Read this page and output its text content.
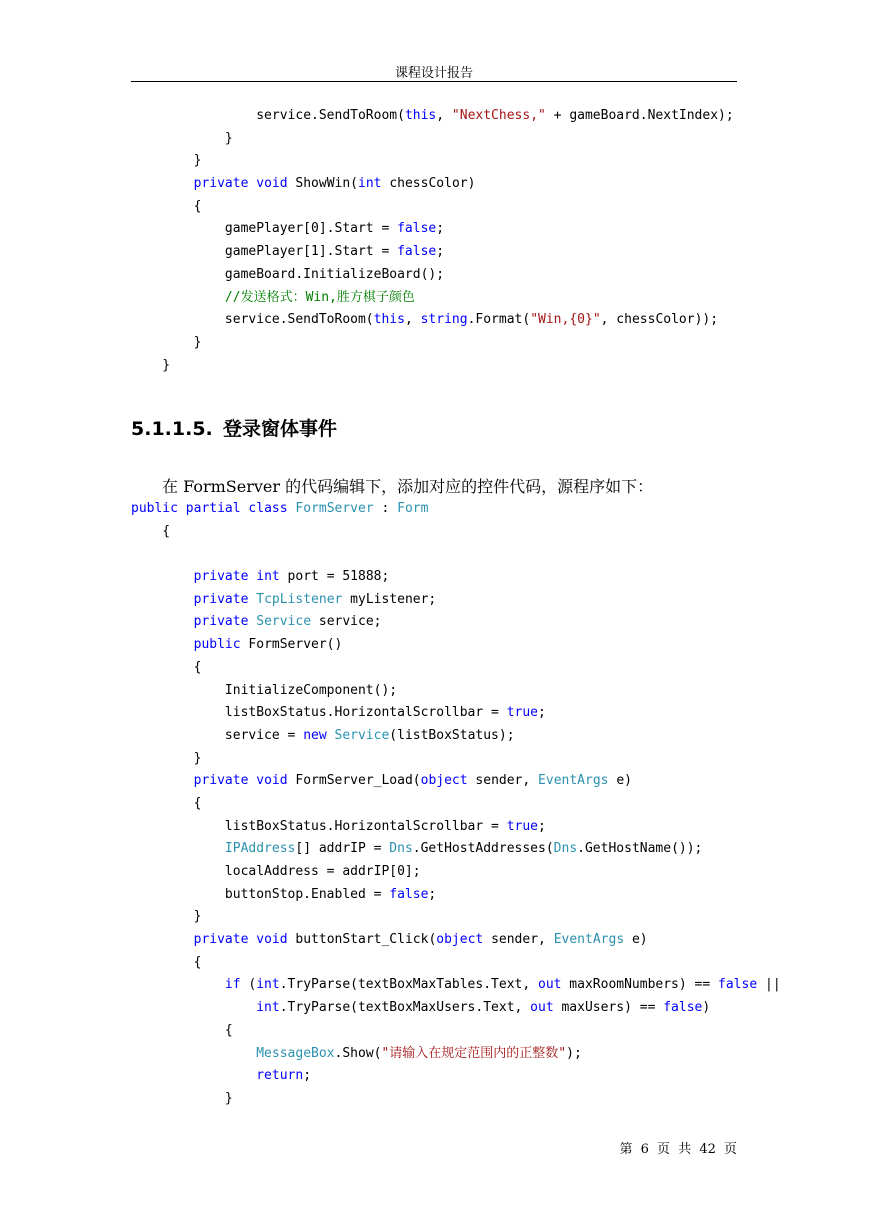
课程设计报告
service.SendToRoom(this, "NextChess," + gameBoard.NextIndex);
}
}
private void ShowWin(int chessColor)
{
gamePlayer[0].Start = false;
gamePlayer[1].Start = false;
gameBoard.InitializeBoard();
//发送格式：Win,胜方棋子颜色
service.SendToRoom(this, string.Format("Win,{0}", chessColor));
}
}
5.1.1.5. 登录窗体事件
在 FormServer 的代码编辑下，添加对应的控件代码，源程序如下：
public partial class FormServer : Form
{
private int port = 51888;
private TcpListener myListener;
private Service service;
public FormServer()
{
InitializeComponent();
listBoxStatus.HorizontalScrollbar = true;
service = new Service(listBoxStatus);
}
private void FormServer_Load(object sender, EventArgs e)
{
listBoxStatus.HorizontalScrollbar = true;
IPAddress[] addrIP = Dns.GetHostAddresses(Dns.GetHostName());
localAddress = addrIP[0];
buttonStop.Enabled = false;
}
private void buttonStart_Click(object sender, EventArgs e)
{
if (int.TryParse(textBoxMaxTables.Text, out maxRoomNumbers) == false ||
int.TryParse(textBoxMaxUsers.Text, out maxUsers) == false)
{
MessageBox.Show("请输入在规定范围内的正整数");
return;
}
第 6 页 共 42 页
